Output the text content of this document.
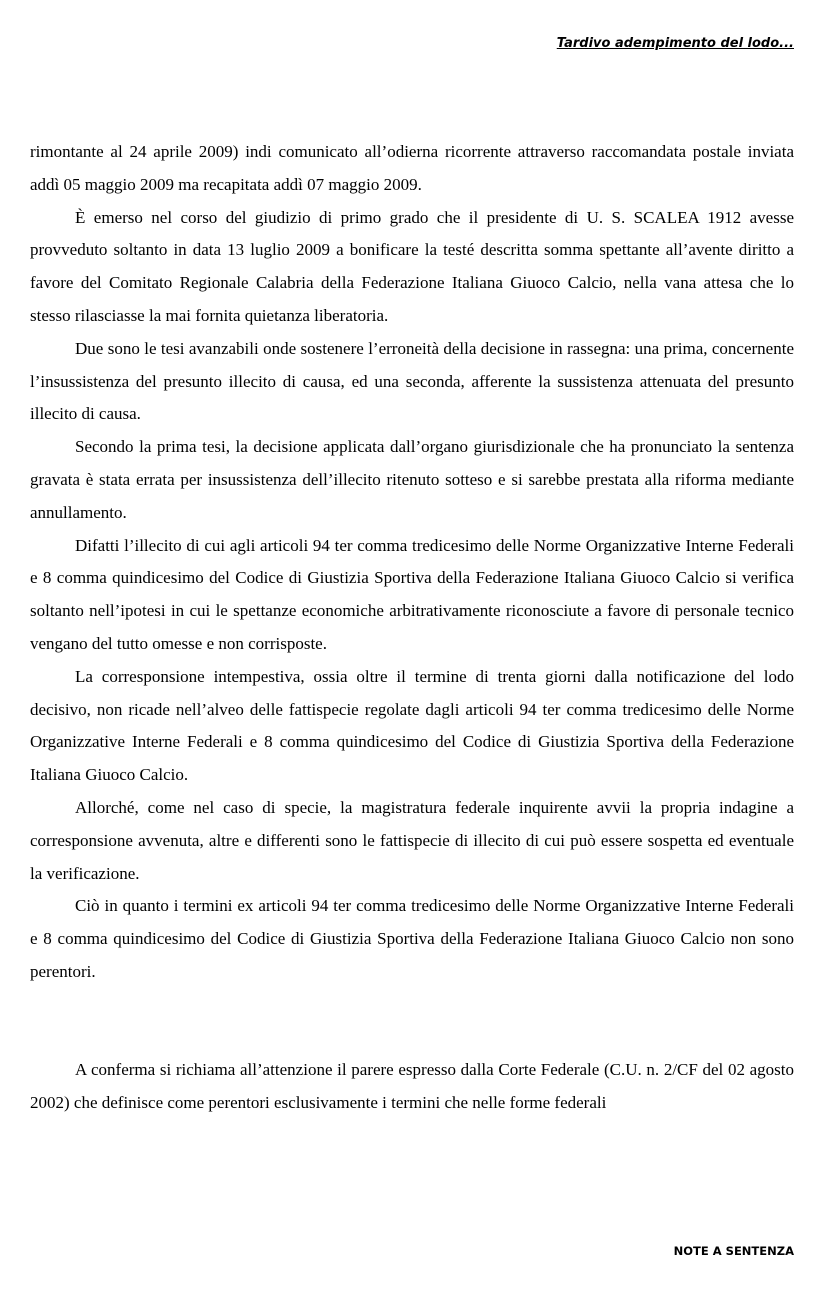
Tardivo adempimento del lodo...

rimontante al 24 aprile 2009) indi comunicato all’odierna ricorrente attraverso raccomandata postale inviata addì 05 maggio 2009 ma recapitata addì 07 maggio 2009.

È emerso nel corso del giudizio di primo grado che il presidente di U. S. SCALEA 1912 avesse provveduto soltanto in data 13 luglio 2009 a bonificare la testé descritta somma spettante all’avente diritto a favore del Comitato Regionale Calabria della Federazione Italiana Giuoco Calcio, nella vana attesa che lo stesso rilasciasse la mai fornita quietanza liberatoria.

Due sono le tesi avanzabili onde sostenere l’erroneità della decisione in rassegna: una prima, concernente l’insussistenza del presunto illecito di causa, ed una seconda, afferente la sussistenza attenuata del presunto illecito di causa.

Secondo la prima tesi, la decisione applicata dall’organo giurisdizionale che ha pronunciato la sentenza gravata è stata errata per insussistenza dell’illecito ritenuto sotteso e si sarebbe prestata alla riforma mediante annullamento.

Difatti l’illecito di cui agli articoli 94 ter comma tredicesimo delle Norme Organizzative Interne Federali e 8 comma quindicesimo del Codice di Giustizia Sportiva della Federazione Italiana Giuoco Calcio si verifica soltanto nell’ipotesi in cui le spettanze economiche arbitrativamente riconosciute a favore di personale tecnico vengano del tutto omesse e non corrisposte.

La corresponsione intempestiva, ossia oltre il termine di trenta giorni dalla notificazione del lodo decisivo, non ricade nell’alveo delle fattispecie regolate dagli articoli 94 ter comma tredicesimo delle Norme Organizzative Interne Federali e 8 comma quindicesimo del Codice di Giustizia Sportiva della Federazione Italiana Giuoco Calcio.

Allorché, come nel caso di specie, la magistratura federale inquirente avvii la propria indagine a corresponsione avvenuta, altre e differenti sono le fattispecie di illecito di cui può essere sospetta ed eventuale la verificazione.

Ciò in quanto i termini ex articoli 94 ter comma tredicesimo delle Norme Organizzative Interne Federali e 8 comma quindicesimo del Codice di Giustizia Sportiva della Federazione Italiana Giuoco Calcio non sono perentori.

A conferma si richiama all’attenzione il parere espresso dalla Corte Federale (C.U. n. 2/CF del 02 agosto 2002) che definisce come perentori esclusivamente i termini che nelle forme federali

NOTE A SENTENZA
